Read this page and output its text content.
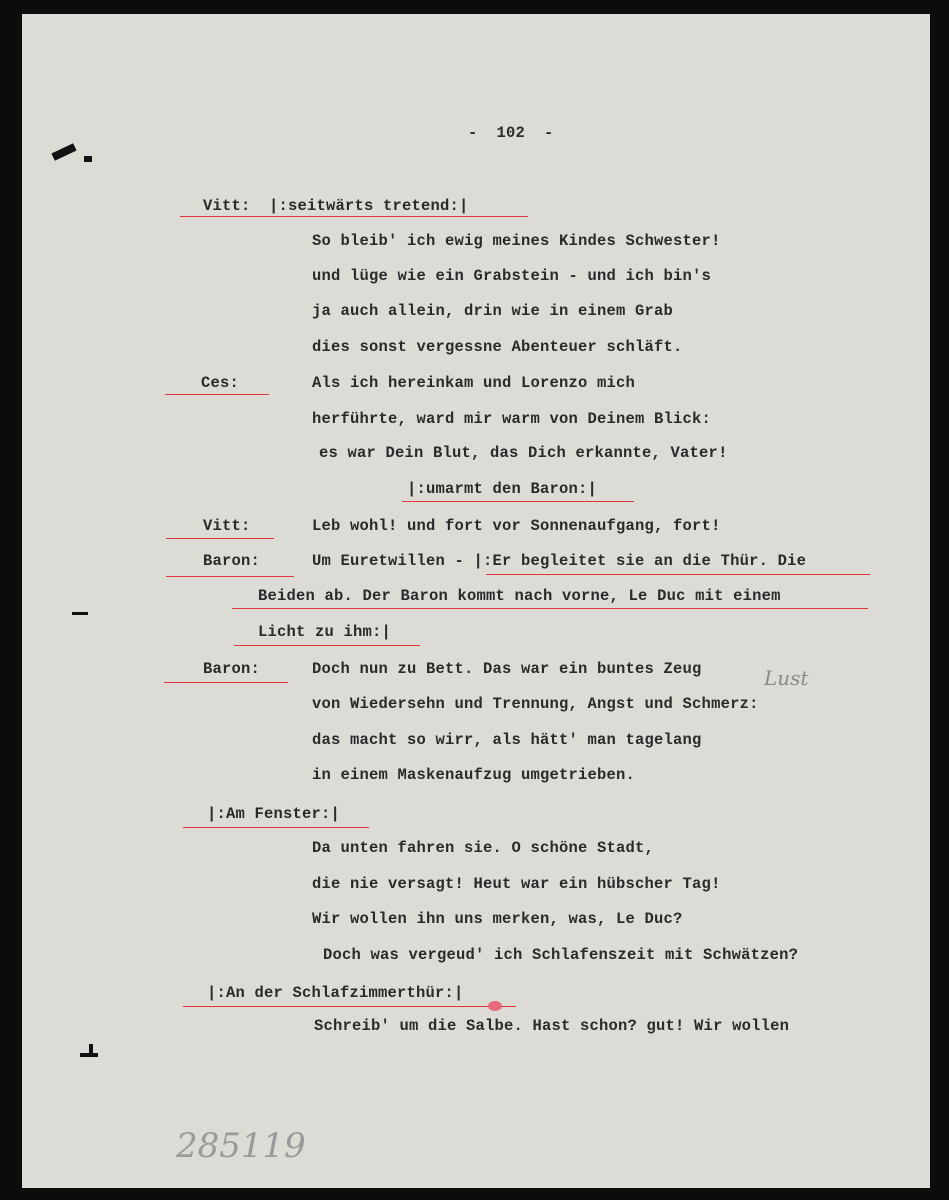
-  102  -
Vitt:
Ces:
Vitt:
Baron:
Baron:
|:seitwärts tretend:|
So bleib' ich ewig meines Kindes Schwester!
und lüge wie ein Grabstein - und ich bin's
ja auch allein, drin wie in einem Grab
dies sonst vergessne Abenteuer schläft.
Als ich hereinkam und Lorenzo mich
herführte, ward mir warm von Deinem Blick:
es war Dein Blut, das Dich erkannte, Vater!
|:umarmt den Baron:|
Leb wohl! und fort vor Sonnenaufgang, fort!
Um Euretwillen - |:Er begleitet sie an die Thür. Die
Beiden ab. Der Baron kommt nach vorne, Le Duc mit einem
Licht zu ihm:|
Doch nun zu Bett. Das war ein buntes Zeug
von Wiedersehn und Trennung, Angst und Schmerz:
das macht so wirr, als hätt' man tagelang
in einem Maskenaufzug umgetrieben.
|:Am Fenster:|
Da unten fahren sie. O schöne Stadt,
die nie versagt! Heut war ein hübscher Tag!
Wir wollen ihn uns merken, was, Le Duc?
Doch was vergeud' ich Schlafenszeit mit Schwätzen?
|:An der Schlafzimmerthür:|
Schreib' um die Salbe. Hast schon? gut! Wir wollen
Lust
285119
